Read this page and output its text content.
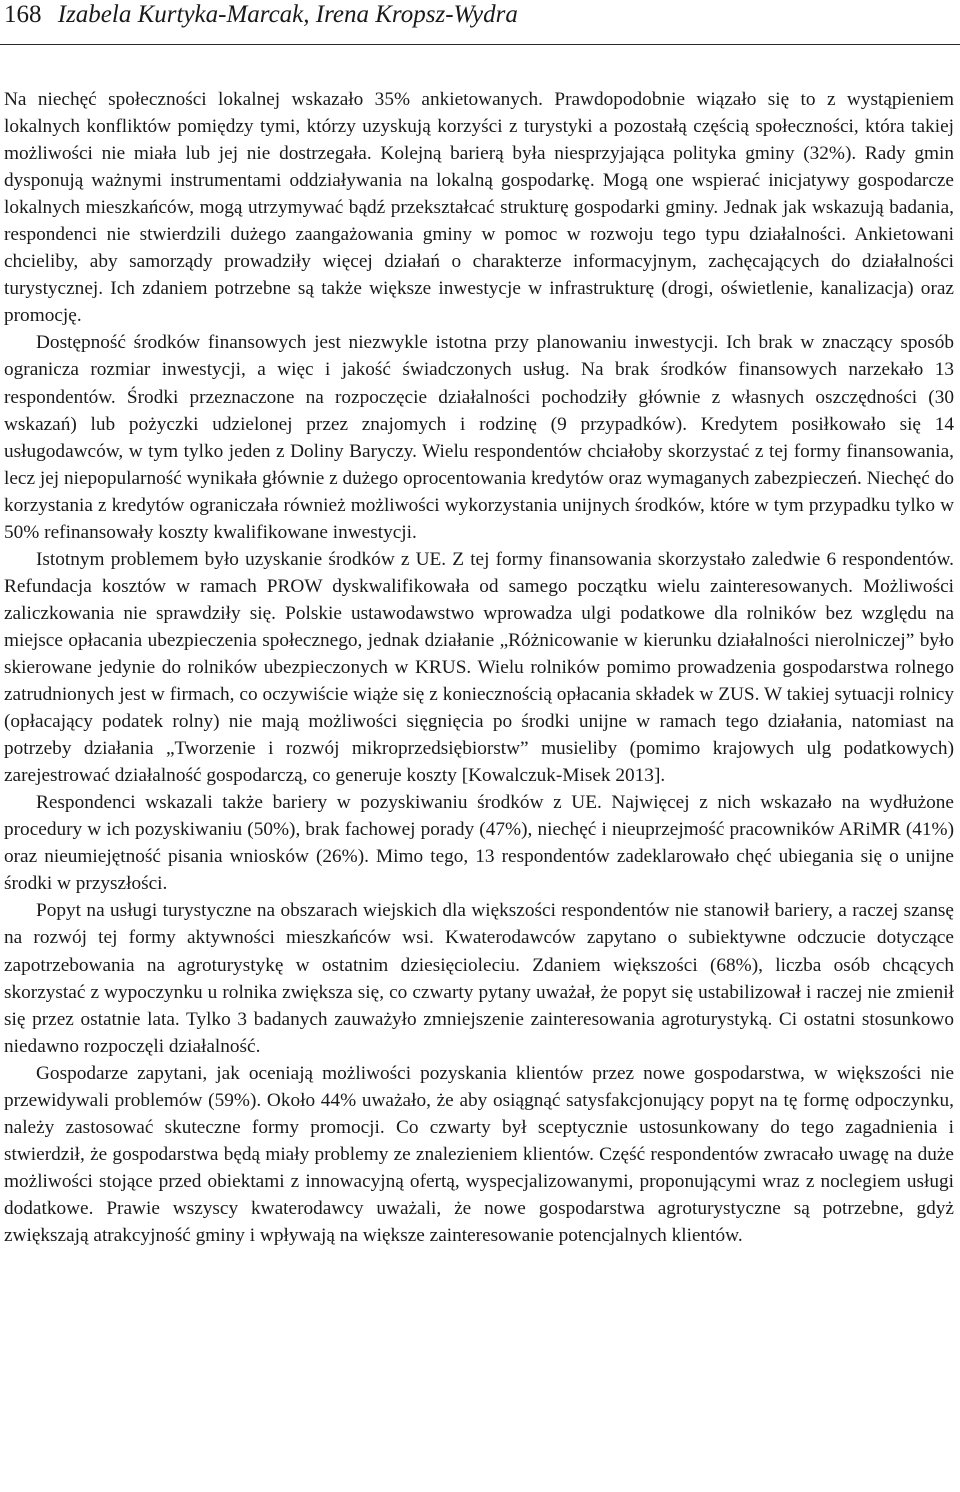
168 Izabela Kurtyka-Marcak, Irena Kropsz-Wydra

Na niechęć społeczności lokalnej wskazało 35% ankietowanych. Prawdopodobnie wiązało się to z wystąpieniem lokalnych konfliktów pomiędzy tymi, którzy uzyskują korzyści z turystyki a pozostałą częścią społeczności, która takiej możliwości nie miała lub jej nie dostrzegała. Kolejną barierą była niesprzyjająca polityka gminy (32%). Rady gmin dysponują ważnymi instrumentami oddziaływania na lokalną gospodarkę. Mogą one wspierać inicjatywy gospodarcze lokalnych mieszkańców, mogą utrzymywać bądź przekształcać strukturę gospodarki gminy. Jednak jak wskazują badania, respondenci nie stwierdzili dużego zaangażowania gminy w pomoc w rozwoju tego typu działalności. Ankietowani chcieliby, aby samorządy prowadziły więcej działań o charakterze informacyjnym, zachęcających do działalności turystycznej. Ich zdaniem potrzebne są także większe inwestycje w infrastrukturę (drogi, oświetlenie, kanalizacja) oraz promocję.

Dostępność środków finansowych jest niezwykle istotna przy planowaniu inwestycji. Ich brak w znaczący sposób ogranicza rozmiar inwestycji, a więc i jakość świadczonych usług. Na brak środków finansowych narzekało 13 respondentów. Środki przeznaczone na rozpoczęcie działalności pochodziły głównie z własnych oszczędności (30 wskazań) lub pożyczki udzielonej przez znajomych i rodzinę (9 przypadków). Kredytem posiłkowało się 14 usługodawców, w tym tylko jeden z Doliny Baryczy. Wielu respondentów chciałoby skorzystać z tej formy finansowania, lecz jej niepopularność wynikała głównie z dużego oprocentowania kredytów oraz wymaganych zabezpieczeń. Niechęć do korzystania z kredytów ograniczała również możliwości wykorzystania unijnych środków, które w tym przypadku tylko w 50% refinansowały koszty kwalifikowane inwestycji.

Istotnym problemem było uzyskanie środków z UE. Z tej formy finansowania skorzystało zaledwie 6 respondentów. Refundacja kosztów w ramach PROW dyskwalifikowała od samego początku wielu zainteresowanych. Możliwości zaliczkowania nie sprawdziły się. Polskie ustawodawstwo wprowadza ulgi podatkowe dla rolników bez względu na miejsce opłacania ubezpieczenia społecznego, jednak działanie „Różnicowanie w kierunku działalności nierolniczej” było skierowane jedynie do rolników ubezpieczonych w KRUS. Wielu rolników pomimo prowadzenia gospodarstwa rolnego zatrudnionych jest w firmach, co oczywiście wiąże się z koniecznością opłacania składek w ZUS. W takiej sytuacji rolnicy (opłacający podatek rolny) nie mają możliwości sięgnięcia po środki unijne w ramach tego działania, natomiast na potrzeby działania „Tworzenie i rozwój mikroprzedsiębiorstw” musieliby (pomimo krajowych ulg podatkowych) zarejestrować działalność gospodarczą, co generuje koszty [Kowalczuk-Misek 2013].

Respondenci wskazali także bariery w pozyskiwaniu środków z UE. Najwięcej z nich wskazało na wydłużone procedury w ich pozyskiwaniu (50%), brak fachowej porady (47%), niechęć i nieuprzejmość pracowników ARiMR (41%) oraz nieumiejętność pisania wniosków (26%). Mimo tego, 13 respondentów zadeklarowało chęć ubiegania się o unijne środki w przyszłości.

Popyt na usługi turystyczne na obszarach wiejskich dla większości respondentów nie stanowił bariery, a raczej szansę na rozwój tej formy aktywności mieszkańców wsi. Kwaterodawców zapytano o subiektywne odczucie dotyczące zapotrzebowania na agroturystykę w ostatnim dziesięcioleciu. Zdaniem większości (68%), liczba osób chcących skorzystać z wypoczynku u rolnika zwiększa się, co czwarty pytany uważał, że popyt się ustabilizował i raczej nie zmienił się przez ostatnie lata. Tylko 3 badanych zauważyło zmniejszenie zainteresowania agroturystyką. Ci ostatni stosunkowo niedawno rozpoczęli działalność.

Gospodarze zapytani, jak oceniają możliwości pozyskania klientów przez nowe gospodarstwa, w większości nie przewidywali problemów (59%). Około 44% uważało, że aby osiągnąć satysfakcjonujący popyt na tę formę odpoczynku, należy zastosować skuteczne formy promocji. Co czwarty był sceptycznie ustosunkowany do tego zagadnienia i stwierdził, że gospodarstwa będą miały problemy ze znalezieniem klientów. Część respondentów zwracało uwagę na duże możliwości stojące przed obiektami z innowacyjną ofertą, wyspecjalizowanymi, proponującymi wraz z noclegiem usługi dodatkowe. Prawie wszyscy kwaterodawcy uważali, że nowe gospodarstwa agroturystyczne są potrzebne, gdyż zwiększają atrakcyjność gminy i wpływają na większe zainteresowanie potencjalnych klientów.
